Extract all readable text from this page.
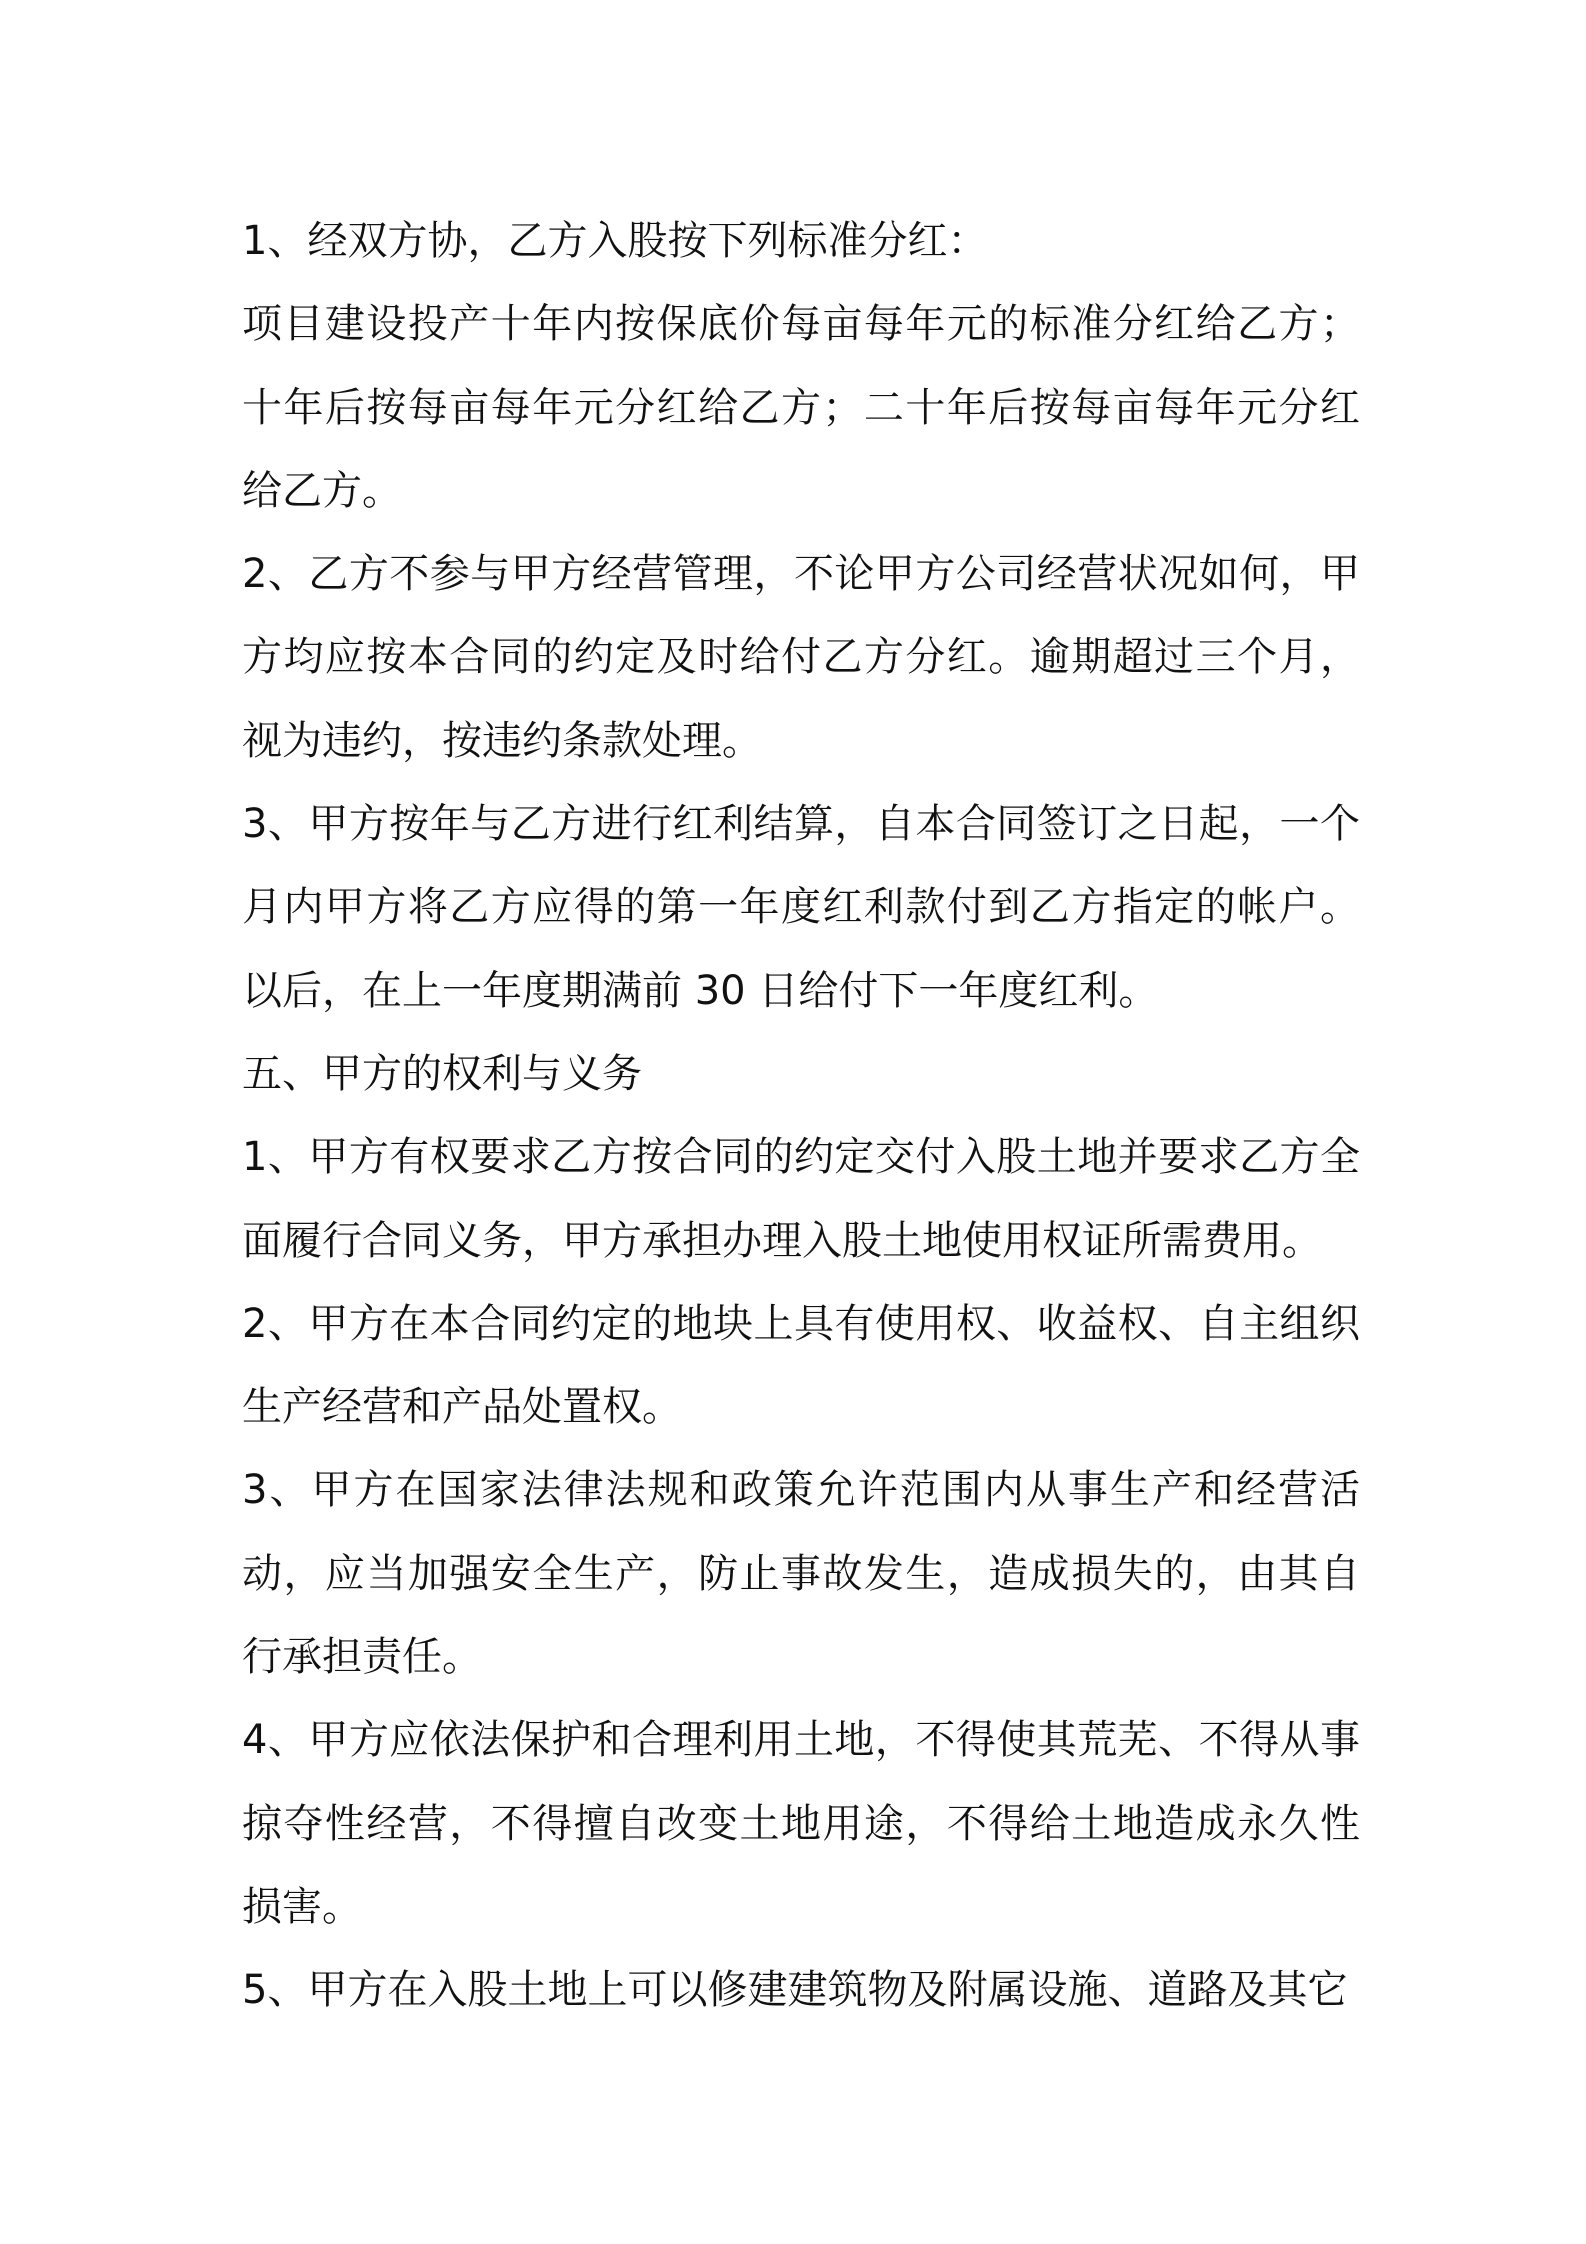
1、经双方协，乙方入股按下列标准分红：

项目建设投产十年内按保底价每亩每年元的标准分红给乙方；十年后按每亩每年元分红给乙方；二十年后按每亩每年元分红给乙方。

2、乙方不参与甲方经营管理，不论甲方公司经营状况如何，甲方均应按本合同的约定及时给付乙方分红。逾期超过三个月，视为违约，按违约条款处理。

3、甲方按年与乙方进行红利结算，自本合同签订之日起，一个月内甲方将乙方应得的第一年度红利款付到乙方指定的帐户。以后，在上一年度期满前 30 日给付下一年度红利。

五、甲方的权利与义务

1、甲方有权要求乙方按合同的约定交付入股土地并要求乙方全面履行合同义务，甲方承担办理入股土地使用权证所需费用。

2、甲方在本合同约定的地块上具有使用权、收益权、自主组织生产经营和产品处置权。

3、甲方在国家法律法规和政策允许范围内从事生产和经营活动，应当加强安全生产，防止事故发生，造成损失的，由其自行承担责任。

4、甲方应依法保护和合理利用土地，不得使其荒芜、不得从事掠夺性经营，不得擅自改变土地用途，不得给土地造成永久性损害。

5、甲方在入股土地上可以修建建筑物及附属设施、道路及其它
